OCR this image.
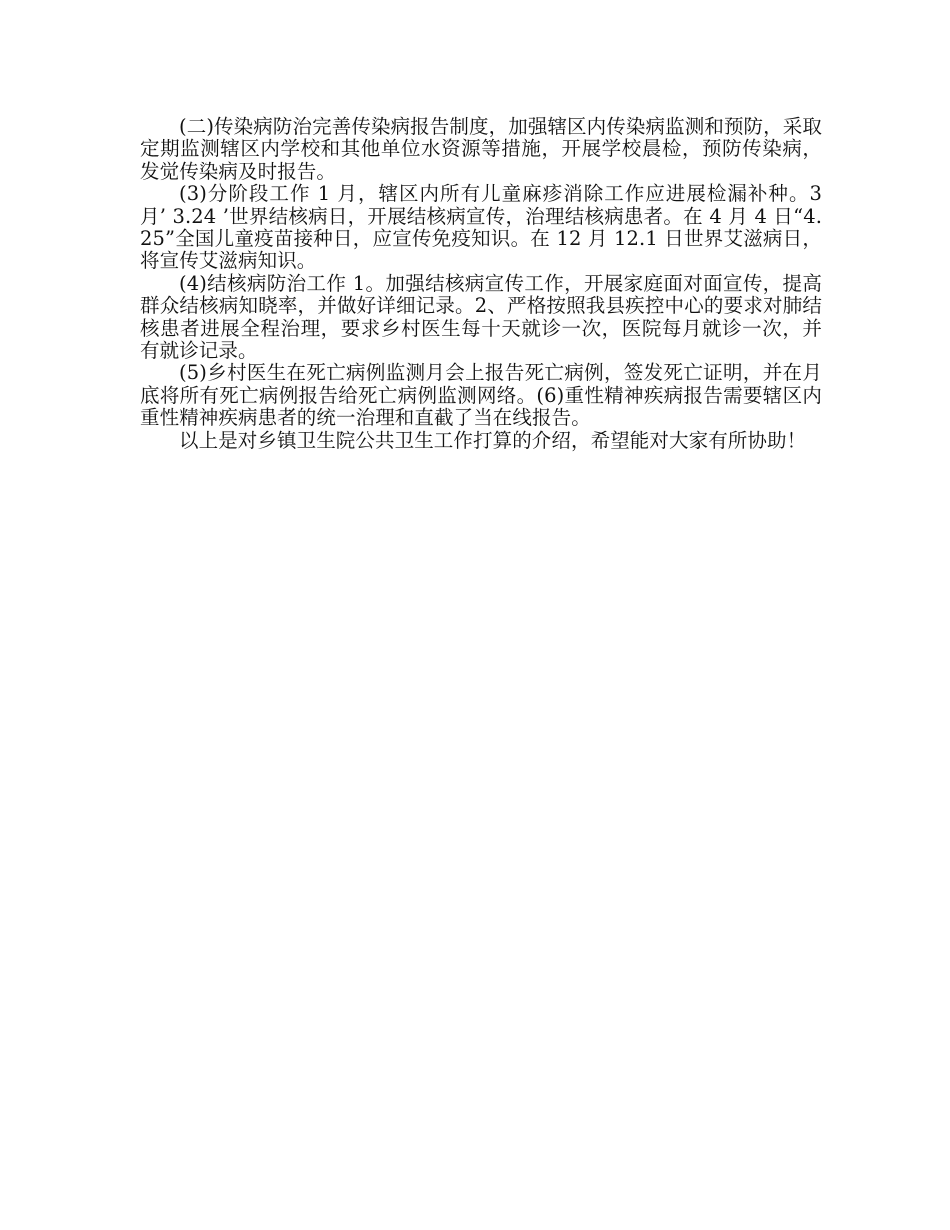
(二)传染病防治完善传染病报告制度，加强辖区内传染病监测和预防，采取定期监测辖区内学校和其他单位水资源等措施，开展学校晨检，预防传染病，发觉传染病及时报告。

(3)分阶段工作 1 月，辖区内所有儿童麻疹消除工作应进展检漏补种。3 月’ 3.24 ’世界结核病日，开展结核病宣传，治理结核病患者。在 4 月 4 日“4.25”全国儿童疫苗接种日，应宣传免疫知识。在 12 月 12.1 日世界艾滋病日，将宣传艾滋病知识。

(4)结核病防治工作 1。加强结核病宣传工作，开展家庭面对面宣传，提高群众结核病知晓率，并做好详细记录。2、严格按照我县疾控中心的要求对肺结核患者进展全程治理，要求乡村医生每十天就诊一次，医院每月就诊一次，并有就诊记录。

(5)乡村医生在死亡病例监测月会上报告死亡病例，签发死亡证明，并在月底将所有死亡病例报告给死亡病例监测网络。(6)重性精神疾病报告需要辖区内重性精神疾病患者的统一治理和直截了当在线报告。

以上是对乡镇卫生院公共卫生工作打算的介绍，希望能对大家有所协助！
